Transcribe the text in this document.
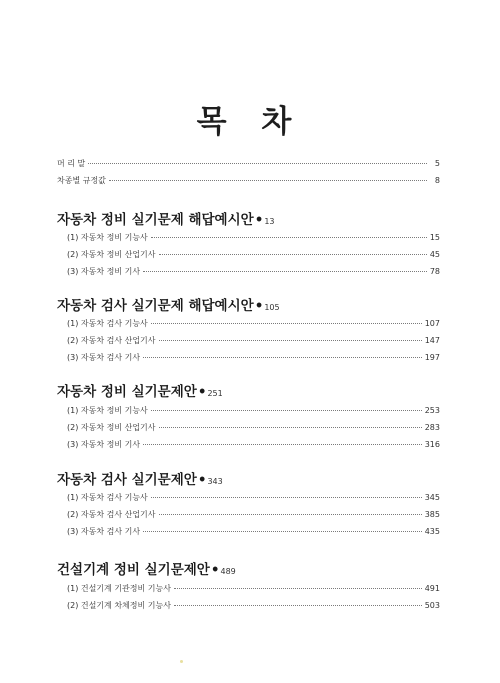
목 차
머 리 말	5
차종별 규정값	8
자동차 정비 실기문제 해답예시안•13
(1) 자동차 정비 기능사	15
(2) 자동차 정비 산업기사	45
(3) 자동차 정비 기사	78
자동차 검사 실기문제 해답예시안•105
(1) 자동차 검사 기능사	107
(2) 자동차 검사 산업기사	147
(3) 자동차 검사 기사	197
자동차 정비 실기문제안•251
(1) 자동차 정비 기능사	253
(2) 자동차 정비 산업기사	283
(3) 자동차 정비 기사	316
자동차 검사 실기문제안•343
(1) 자동차 검사 기능사	345
(2) 자동차 검사 산업기사	385
(3) 자동차 검사 기사	435
건설기계 정비 실기문제안•489
(1) 건설기계 기관정비 기능사	491
(2) 건설기계 차체정비 기능사	503
